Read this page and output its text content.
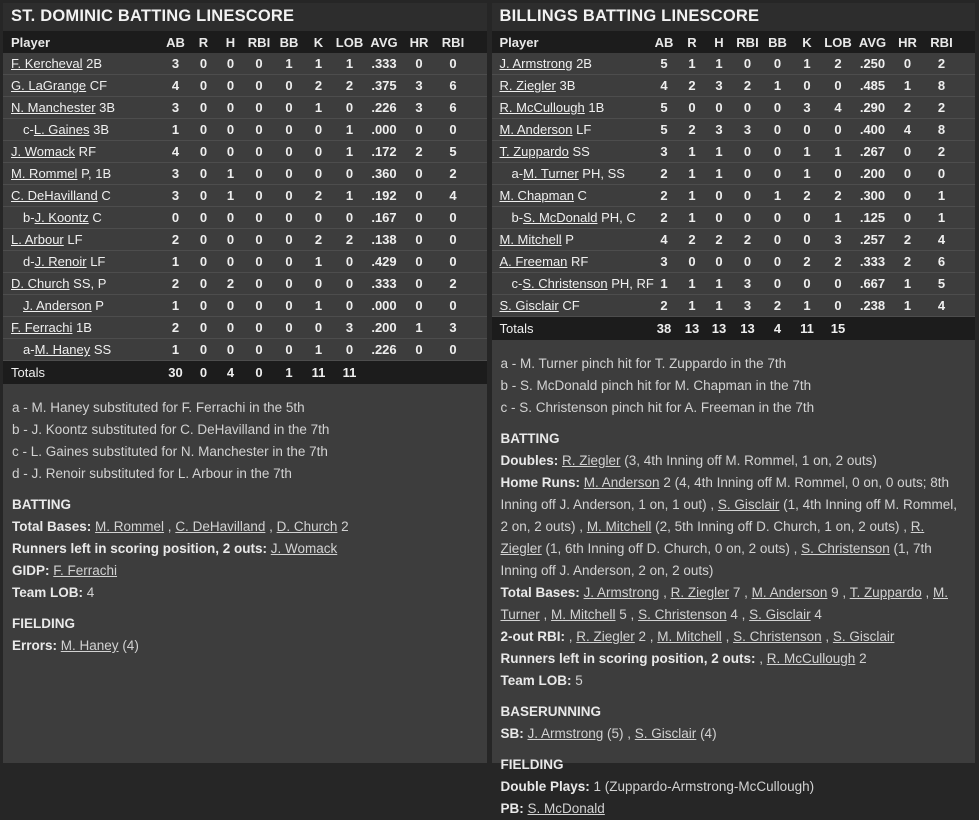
ST. DOMINIC BATTING LINESCORE
Player	AB	R	H	RBI	BB	K	LOB	AVG	HR	RBI	
F. Kercheval 2B	3	0	0	0	1	1	1	.333	0	0	
G. LaGrange CF	4	0	0	0	0	2	2	.375	3	6	
N. Manchester 3B	3	0	0	0	0	1	0	.226	3	6	
c-L. Gaines 3B	1	0	0	0	0	0	1	.000	0	0	
J. Womack RF	4	0	0	0	0	0	1	.172	2	5	
M. Rommel P, 1B	3	0	1	0	0	0	0	.360	0	2	
C. DeHavilland C	3	0	1	0	0	2	1	.192	0	4	
b-J. Koontz C	0	0	0	0	0	0	0	.167	0	0	
L. Arbour LF	2	0	0	0	0	2	2	.138	0	0	
d-J. Renoir LF	1	0	0	0	0	1	0	.429	0	0	
D. Church SS, P	2	0	2	0	0	0	0	.333	0	2	
J. Anderson P	1	0	0	0	0	1	0	.000	0	0	
F. Ferrachi 1B	2	0	0	0	0	0	3	.200	1	3	
a-M. Haney SS	1	0	0	0	0	1	0	.226	0	0	
Totals	30	0	4	0	1	11	11				
a - M. Haney substituted for F. Ferrachi in the 5th
b - J. Koontz substituted for C. DeHavilland in the 7th
c - L. Gaines substituted for N. Manchester in the 7th
d - J. Renoir substituted for L. Arbour in the 7th
BATTING
Total Bases: M. Rommel , C. DeHavilland , D. Church 2
Runners left in scoring position, 2 outs: J. Womack
GIDP: F. Ferrachi
Team LOB: 4
FIELDING
Errors: M. Haney (4)
BILLINGS BATTING LINESCORE
Player	AB	R	H	RBI	BB	K	LOB	AVG	HR	RBI	
J. Armstrong 2B	5	1	1	0	0	1	2	.250	0	2	
R. Ziegler 3B	4	2	3	2	1	0	0	.485	1	8	
R. McCullough 1B	5	0	0	0	0	3	4	.290	2	2	
M. Anderson LF	5	2	3	3	0	0	0	.400	4	8	
T. Zuppardo SS	3	1	1	0	0	1	1	.267	0	2	
a-M. Turner PH, SS	2	1	1	0	0	1	0	.200	0	0	
M. Chapman C	2	1	0	0	1	2	2	.300	0	1	
b-S. McDonald PH, C	2	1	0	0	0	0	1	.125	0	1	
M. Mitchell P	4	2	2	2	0	0	3	.257	2	4	
A. Freeman RF	3	0	0	0	0	2	2	.333	2	6	
c-S. Christenson PH, RF	1	1	1	3	0	0	0	.667	1	5	
S. Gisclair CF	2	1	1	3	2	1	0	.238	1	4	
Totals	38	13	13	13	4	11	15				
a - M. Turner pinch hit for T. Zuppardo in the 7th
b - S. McDonald pinch hit for M. Chapman in the 7th
c - S. Christenson pinch hit for A. Freeman in the 7th
BATTING
Doubles: R. Ziegler (3, 4th Inning off M. Rommel, 1 on, 2 outs)
Home Runs: M. Anderson 2 (4, 4th Inning off M. Rommel, 0 on, 0 outs; 8th Inning off J. Anderson, 1 on, 1 out) , S. Gisclair (1, 4th Inning off M. Rommel, 2 on, 2 outs) , M. Mitchell (2, 5th Inning off D. Church, 1 on, 2 outs) , R. Ziegler (1, 6th Inning off D. Church, 0 on, 2 outs) , S. Christenson (1, 7th Inning off J. Anderson, 2 on, 2 outs)
Total Bases: J. Armstrong , R. Ziegler 7 , M. Anderson 9 , T. Zuppardo , M. Turner , M. Mitchell 5 , S. Christenson 4 , S. Gisclair 4
2-out RBI: , R. Ziegler 2 , M. Mitchell , S. Christenson , S. Gisclair
Runners left in scoring position, 2 outs: , R. McCullough 2
Team LOB: 5
BASERUNNING
SB: J. Armstrong (5) , S. Gisclair (4)
FIELDING
Double Plays: 1 (Zuppardo-Armstrong-McCullough)
PB: S. McDonald
